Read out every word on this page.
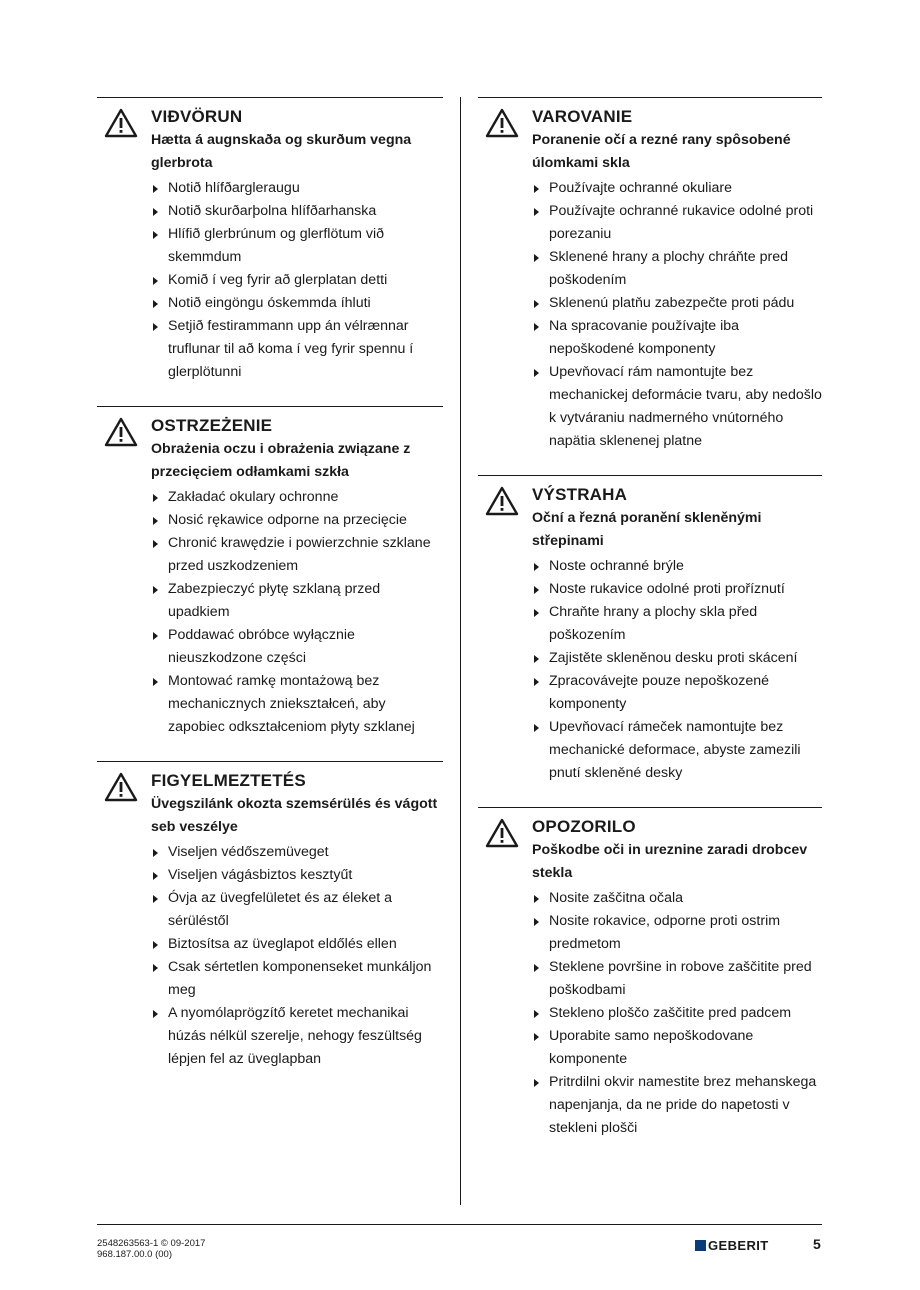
VIÐVÖRUN
Hætta á augnskaða og skurðum vegna glerbrota
Notið hlífðargleraugu
Notið skurðarþolna hlífðarhanska
Hlífið glerbrúnum og glerflötum við skemmdum
Komið í veg fyrir að glerplatan detti
Notið eingöngu óskemmda íhluti
Setjið festirammann upp án vélrænnar truflunar til að koma í veg fyrir spennu í glerplötunni
OSTRZEŻENIE
Obrażenia oczu i obrażenia związane z przecięciem odłamkami szkła
Zakładać okulary ochronne
Nosić rękawice odporne na przecięcie
Chronić krawędzie i powierzchnie szklane przed uszkodzeniem
Zabezpieczyć płytę szklaną przed upadkiem
Poddawać obróbce wyłącznie nieuszkodzone części
Montować ramkę montażową bez mechanicznych zniekształceń, aby zapobiec odkształceniom płyty szklanej
FIGYELMEZTETÉS
Üvegszilánk okozta szemsérülés és vágott seb veszélye
Viseljen védőszemüveget
Viseljen vágásbiztos kesztyűt
Óvja az üvegfelületet és az éleket a sérüléstől
Biztosítsa az üveglapot eldőlés ellen
Csak sértetlen komponenseket munkáljon meg
A nyomólaprögzítő keretet mechanikai húzás nélkül szerelje, nehogy feszültség lépjen fel az üveglapban
VAROVANIE
Poranenie očí a rezné rany spôsobené úlomkami skla
Používajte ochranné okuliare
Používajte ochranné rukavice odolné proti porezaniu
Sklenené hrany a plochy chráňte pred poškodením
Sklenenú platňu zabezpečte proti pádu
Na spracovanie používajte iba nepoškodené komponenty
Upevňovací rám namontujte bez mechanickej deformácie tvaru, aby nedošlo k vytváraniu nadmerného vnútorného napätia sklenenej platne
VÝSTRAHA
Oční a řezná poranění skleněnými střepinami
Noste ochranné brýle
Noste rukavice odolné proti proříznutí
Chraňte hrany a plochy skla před poškozením
Zajistěte skleněnou desku proti skácení
Zpracovávejte pouze nepoškozené komponenty
Upevňovací rámeček namontujte bez mechanické deformace, abyste zamezili pnutí skleněné desky
OPOZORILO
Poškodbe oči in ureznine zaradi drobcev stekla
Nosite zaščitna očala
Nosite rokavice, odporne proti ostrim predmetom
Steklene površine in robove zaščitite pred poškodbami
Stekleno ploščo zaščitite pred padcem
Uporabite samo nepoškodovane komponente
Pritrdilni okvir namestite brez mehanskega napenjanja, da ne pride do napetosti v stekleni plošči
2548263563-1 © 09-2017
968.187.00.0 (00)
GEBERIT	5
